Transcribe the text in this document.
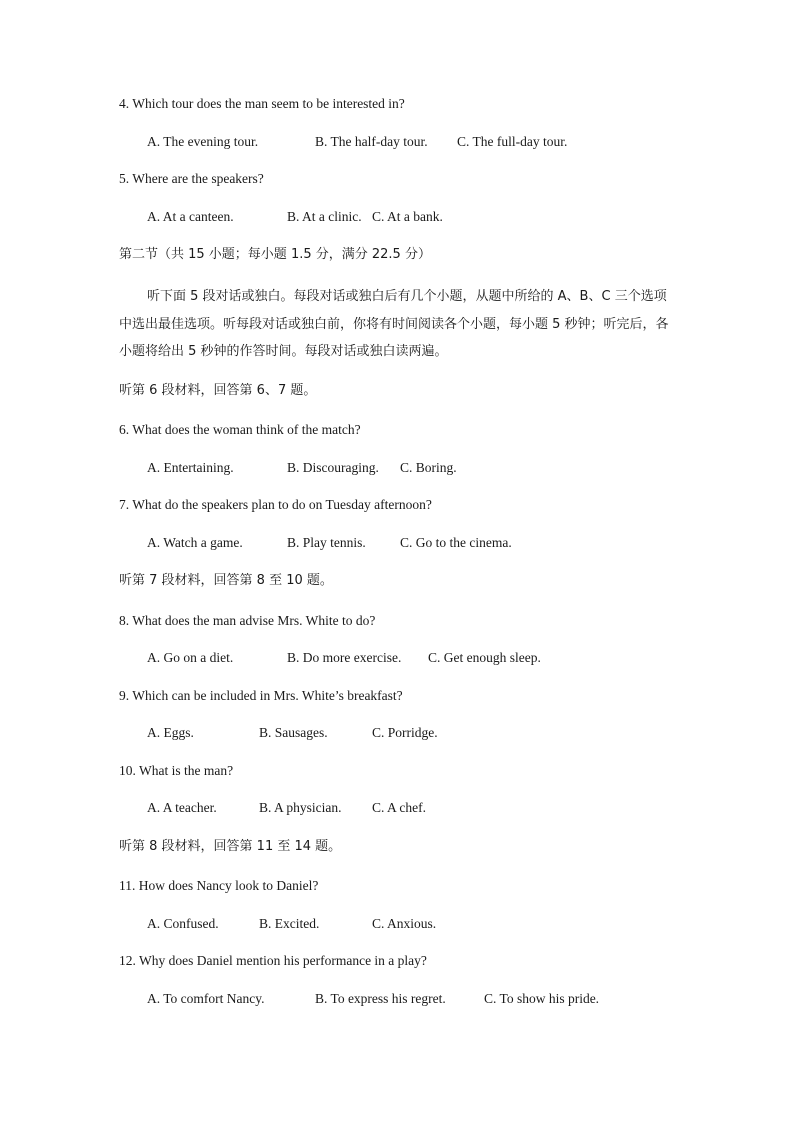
4. Which tour does the man seem to be interested in?
A. The evening tour.	B. The half-day tour. C. The full-day tour.
5. Where are the speakers?
A. At a canteen.	B. At a clinic. C. At a bank.
第二节（共 15 小题；每小题 1.5 分，满分 22.5 分）
听下面 5 段对话或独白。每段对话或独白后有几个小题，从题中所给的 A、B、C 三个选项中选出最佳选项。听每段对话或独白前，你将有时间阅读各个小题，每小题 5 秒钟；听完后，各小题将给出 5 秒钟的作答时间。每段对话或独白读两遍。
听第 6 段材料，回答第 6、7 题。
6. What does the woman think of the match?
A. Entertaining.	B. Discouraging. C. Boring.
7. What do the speakers plan to do on Tuesday afternoon?
A. Watch a game.	B. Play tennis.	C. Go to the cinema.
听第 7 段材料，回答第 8 至 10 题。
8. What does the man advise Mrs. White to do?
A. Go on a diet.	B. Do more exercise. C. Get enough sleep.
9. Which can be included in Mrs. White’s breakfast?
A. Eggs.	B. Sausages.	C. Porridge.
10. What is the man?
A. A teacher.	B. A physician. C. A chef.
听第 8 段材料，回答第 11 至 14 题。
11. How does Nancy look to Daniel?
A. Confused.	B. Excited.	C. Anxious.
12. Why does Daniel mention his performance in a play?
A. To comfort Nancy.	B. To express his regret.	C. To show his pride.
